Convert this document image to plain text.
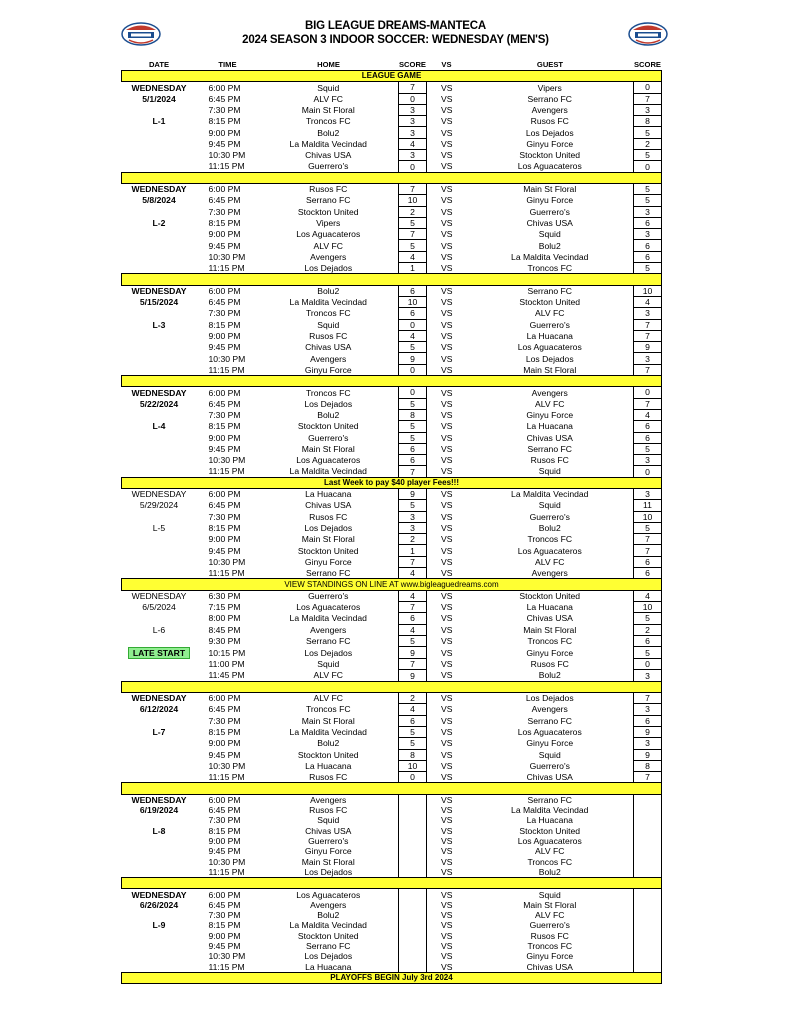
BIG LEAGUE DREAMS-MANTECA
2024 SEASON 3 INDOOR SOCCER: WEDNESDAY (MEN'S)
DATE	TIME	HOME	SCORE	VS	GUEST	SCORE
LEAGUE GAME						
WEDNESDAY	6:00 PM	Squid	7	VS	Vipers	0
5/1/2024	6:45 PM	ALV FC	0	VS	Serrano FC	7
	7:30 PM	Main St Floral	3	VS	Avengers	3
L-1	8:15 PM	Troncos FC	3	VS	Rusos FC	8
	9:00 PM	Bolu2	3	VS	Los Dejados	5
	9:45 PM	La Maldita Vecindad	4	VS	Ginyu Force	2
	10:30 PM	Chivas USA	3	VS	Stockton United	5
	11:15 PM	Guerrero's	0	VS	Los Aguacateros	0

WEDNESDAY	6:00 PM	Rusos FC	7	VS	Main St Floral	5
5/8/2024	6:45 PM	Serrano FC	10	VS	Ginyu Force	5
	7:30 PM	Stockton United	2	VS	Guerrero's	3
L-2	8:15 PM	Vipers	5	VS	Chivas USA	6
	9:00 PM	Los Aguacateros	7	VS	Squid	3
	9:45 PM	ALV FC	5	VS	Bolu2	6
	10:30 PM	Avengers	4	VS	La Maldita Vecindad	6
	11:15 PM	Los Dejados	1	VS	Troncos FC	5

WEDNESDAY	6:00 PM	Bolu2	6	VS	Serrano FC	10
5/15/2024	6:45 PM	La Maldita Vecindad	10	VS	Stockton United	4
	7:30 PM	Troncos FC	6	VS	ALV FC	3
L-3	8:15 PM	Squid	0	VS	Guerrero's	7
	9:00 PM	Rusos FC	4	VS	La Huacana	7
	9:45 PM	Chivas USA	5	VS	Los Aguacateros	9
	10:30 PM	Avengers	9	VS	Los Dejados	3
	11:15 PM	Ginyu Force	0	VS	Main St Floral	7

WEDNESDAY	6:00 PM	Troncos FC	0	VS	Avengers	0
5/22/2024	6:45 PM	Los Dejados	5	VS	ALV FC	7
	7:30 PM	Bolu2	8	VS	Ginyu Force	4
L-4	8:15 PM	Stockton United	5	VS	La Huacana	6
	9:00 PM	Guerrero's	5	VS	Chivas USA	6
	9:45 PM	Main St Floral	6	VS	Serrano FC	5
	10:30 PM	Los Aguacateros	6	VS	Rusos FC	3
	11:15 PM	La Maldita Vecindad	7	VS	Squid	0
Last Week to pay $40 player Fees!!!						
WEDNESDAY	6:00 PM	La Huacana	9	VS	La Maldita Vecindad	3
5/29/2024	6:45 PM	Chivas USA	5	VS	Squid	11
	7:30 PM	Rusos FC	3	VS	Guerrero's	10
L-5	8:15 PM	Los Dejados	3	VS	Bolu2	5
	9:00 PM	Main St Floral	2	VS	Troncos FC	7
	9:45 PM	Stockton United	1	VS	Los Aguacateros	7
	10:30 PM	Ginyu Force	7	VS	ALV FC	6
	11:15 PM	Serrano FC	4	VS	Avengers	6
VIEW STANDINGS ON LINE AT www.bigleaguedreams.com						
WEDNESDAY	6:30 PM	Guerrero's	4	VS	Stockton United	4
6/5/2024	7:15 PM	Los Aguacateros	7	VS	La Huacana	10
	8:00 PM	La Maldita Vecindad	6	VS	Chivas USA	5
L-6	8:45 PM	Avengers	4	VS	Main St Floral	2
	9:30 PM	Serrano FC	5	VS	Troncos FC	6
LATE START	10:15 PM	Los Dejados	9	VS	Ginyu Force	5
	11:00 PM	Squid	7	VS	Rusos FC	0
	11:45 PM	ALV FC	9	VS	Bolu2	3

WEDNESDAY	6:00 PM	ALV FC	2	VS	Los Dejados	7
6/12/2024	6:45 PM	Troncos FC	4	VS	Avengers	3
	7:30 PM	Main St Floral	6	VS	Serrano FC	6
L-7	8:15 PM	La Maldita Vecindad	5	VS	Los Aguacateros	9
	9:00 PM	Bolu2	5	VS	Ginyu Force	3
	9:45 PM	Stockton United	8	VS	Squid	9
	10:30 PM	La Huacana	10	VS	Guerrero's	8
	11:15 PM	Rusos FC	0	VS	Chivas USA	7

WEDNESDAY	6:00 PM	Avengers		VS	Serrano FC	
6/19/2024	6:45 PM	Rusos FC		VS	La Maldita Vecindad	
	7:30 PM	Squid		VS	La Huacana	
L-8	8:15 PM	Chivas USA		VS	Stockton United	
	9:00 PM	Guerrero's		VS	Los Aguacateros	
	9:45 PM	Ginyu Force		VS	ALV FC	
	10:30 PM	Main St Floral		VS	Troncos FC	
	11:15 PM	Los Dejados		VS	Bolu2	

WEDNESDAY	6:00 PM	Los Aguacateros		VS	Squid	
6/26/2024	6:45 PM	Avengers		VS	Main St Floral	
	7:30 PM	Bolu2		VS	ALV FC	
L-9	8:15 PM	La Maldita Vecindad		VS	Guerrero's	
	9:00 PM	Stockton United		VS	Rusos FC	
	9:45 PM	Serrano FC		VS	Troncos FC	
	10:30 PM	Los Dejados		VS	Ginyu Force	
	11:15 PM	La Huacana		VS	Chivas USA	
PLAYOFFS BEGIN July 3rd 2024						
